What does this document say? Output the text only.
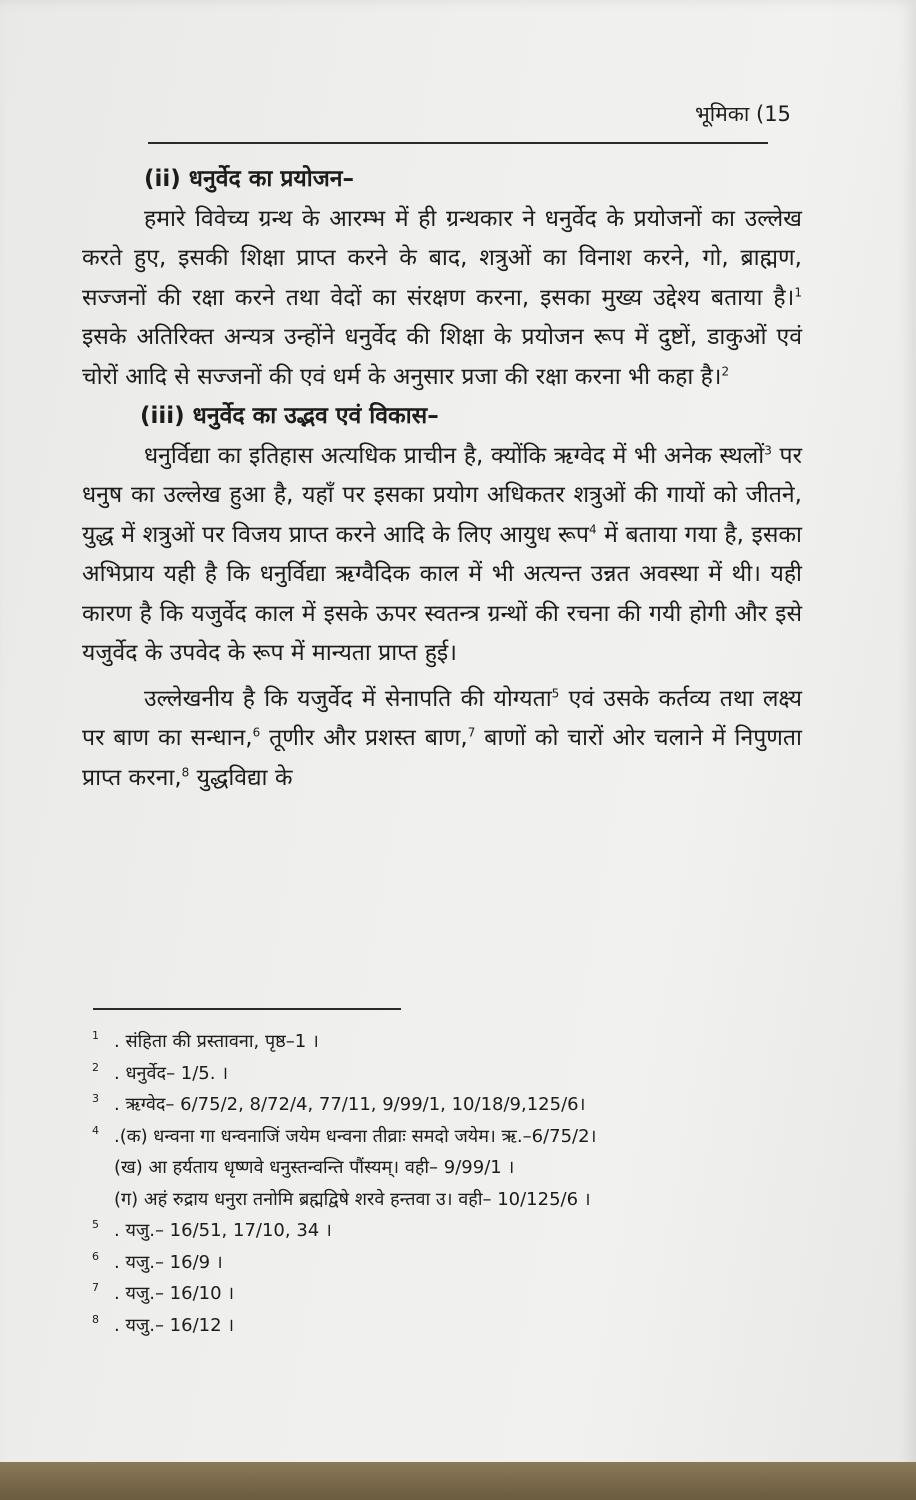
भूमिका (15
(ii) धनुर्वेद का प्रयोजन–

हमारे विवेच्य ग्रन्थ के आरम्भ में ही ग्रन्थकार ने धनुर्वेद के प्रयोजनों का उल्लेख करते हुए, इसकी शिक्षा प्राप्त करने के बाद, शत्रुओं का विनाश करने, गो, ब्राह्मण, सज्जनों की रक्षा करने तथा वेदों का संरक्षण करना, इसका मुख्य उद्देश्य बताया है।$^1$ इसके अतिरिक्त अन्यत्र उन्होंने धनुर्वेद की शिक्षा के प्रयोजन रूप में दुष्टों, डाकुओं एवं चोरों आदि से सज्जनों की एवं धर्म के अनुसार प्रजा की रक्षा करना भी कहा है।$^2$

(iii) धनुर्वेद का उद्भव एवं विकास–

धनुर्विद्या का इतिहास अत्यधिक प्राचीन है, क्योंकि ऋग्वेद में भी अनेक स्थलों$^3$ पर धनुष का उल्लेख हुआ है, यहाँ पर इसका प्रयोग अधिकतर शत्रुओं की गायों को जीतने, युद्ध में शत्रुओं पर विजय प्राप्त करने आदि के लिए आयुध रूप$^4$ में बताया गया है, इसका अभिप्राय यही है कि धनुर्विद्या ऋग्वैदिक काल में भी अत्यन्त उन्नत अवस्था में थी। यही कारण है कि यजुर्वेद काल में इसके ऊपर स्वतन्त्र ग्रन्थों की रचना की गयी होगी और इसे यजुर्वेद के उपवेद के रूप में मान्यता प्राप्त हुई।

उल्लेखनीय है कि यजुर्वेद में सेनापति की योग्यता$^5$ एवं उसके कर्तव्य तथा लक्ष्य पर बाण का सन्धान,$^6$ तूणीर और प्रशस्त बाण,$^7$ बाणों को चारों ओर चलाने में निपुणता प्राप्त करना,$^8$ युद्धविद्या के

1 . संहिता की प्रस्तावना, पृष्ठ–1 ।
2 . धनुर्वेद– 1/5. ।
3 . ऋग्वेद– 6/75/2, 8/72/4, 77/11, 9/99/1, 10/18/9,125/6।
4 .(क) धन्वना गा धन्वनाजिं जयेम धन्वना तीव्राः समदो जयेम। ऋ.–6/75/2।
(ख) आ हर्यताय धृष्णवे धनुस्तन्वन्ति पौंस्यम्। वही– 9/99/1 ।
(ग) अहं रुद्राय धनुरा तनोमि ब्रह्मद्विषे शरवे हन्तवा उ। वही– 10/125/6 ।
5 . यजु.– 16/51, 17/10, 34 ।
6 . यजु.– 16/9 ।
7 . यजु.– 16/10 ।
8 . यजु.– 16/12 ।
